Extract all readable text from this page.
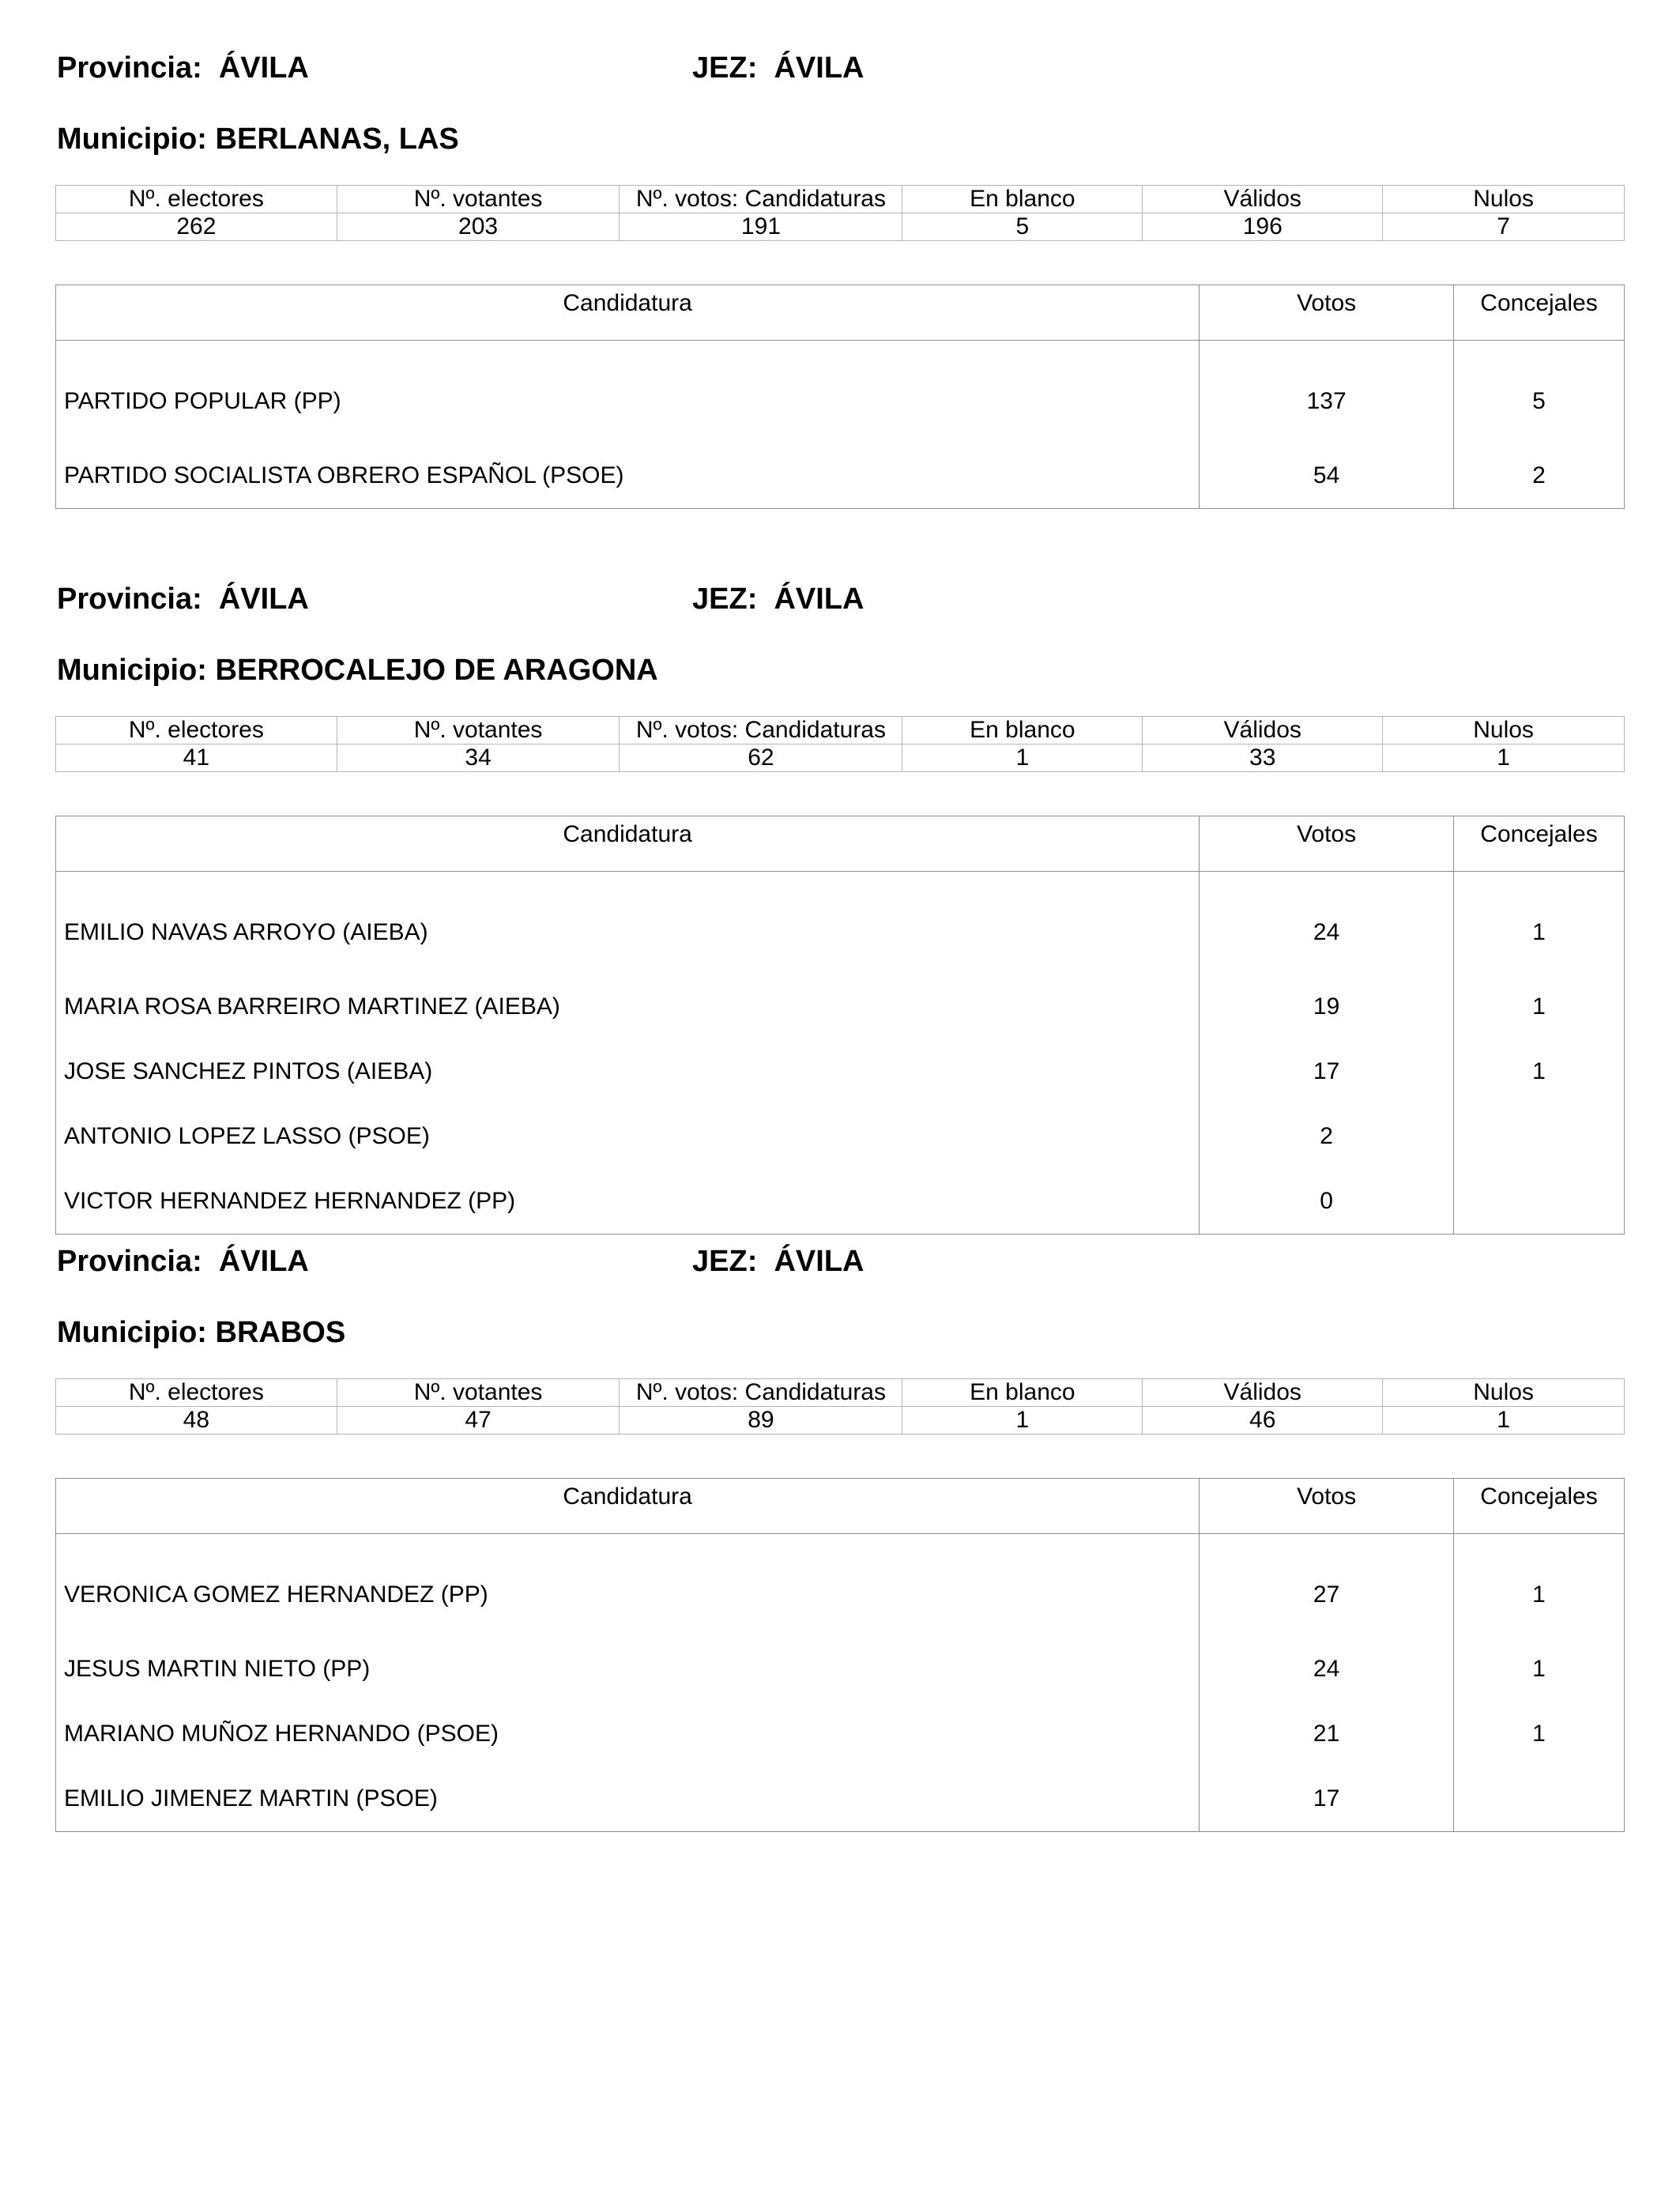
Provincia: ÁVILA	JEZ: ÁVILA
Municipio: BERLANAS, LAS
Nº. electores	Nº. votantes	Nº. votos: Candidaturas	En blanco	Válidos	Nulos
262	203	191	5	196	7
Candidatura	Votos	Concejales
PARTIDO POPULAR (PP)	137	5
PARTIDO SOCIALISTA OBRERO ESPAÑOL (PSOE)	54	2
Provincia: ÁVILA	JEZ: ÁVILA
Municipio: BERROCALEJO DE ARAGONA
Nº. electores	Nº. votantes	Nº. votos: Candidaturas	En blanco	Válidos	Nulos
41	34	62	1	33	1
Candidatura	Votos	Concejales
EMILIO NAVAS ARROYO (AIEBA)	24	1
MARIA ROSA BARREIRO MARTINEZ (AIEBA)	19	1
JOSE SANCHEZ PINTOS (AIEBA)	17	1
ANTONIO LOPEZ LASSO (PSOE)	2	
VICTOR HERNANDEZ HERNANDEZ (PP)	0	
Provincia: ÁVILA	JEZ: ÁVILA
Municipio: BRABOS
Nº. electores	Nº. votantes	Nº. votos: Candidaturas	En blanco	Válidos	Nulos
48	47	89	1	46	1
Candidatura	Votos	Concejales
VERONICA GOMEZ HERNANDEZ (PP)	27	1
JESUS MARTIN NIETO (PP)	24	1
MARIANO MUÑOZ HERNANDO (PSOE)	21	1
EMILIO JIMENEZ MARTIN (PSOE)	17	
